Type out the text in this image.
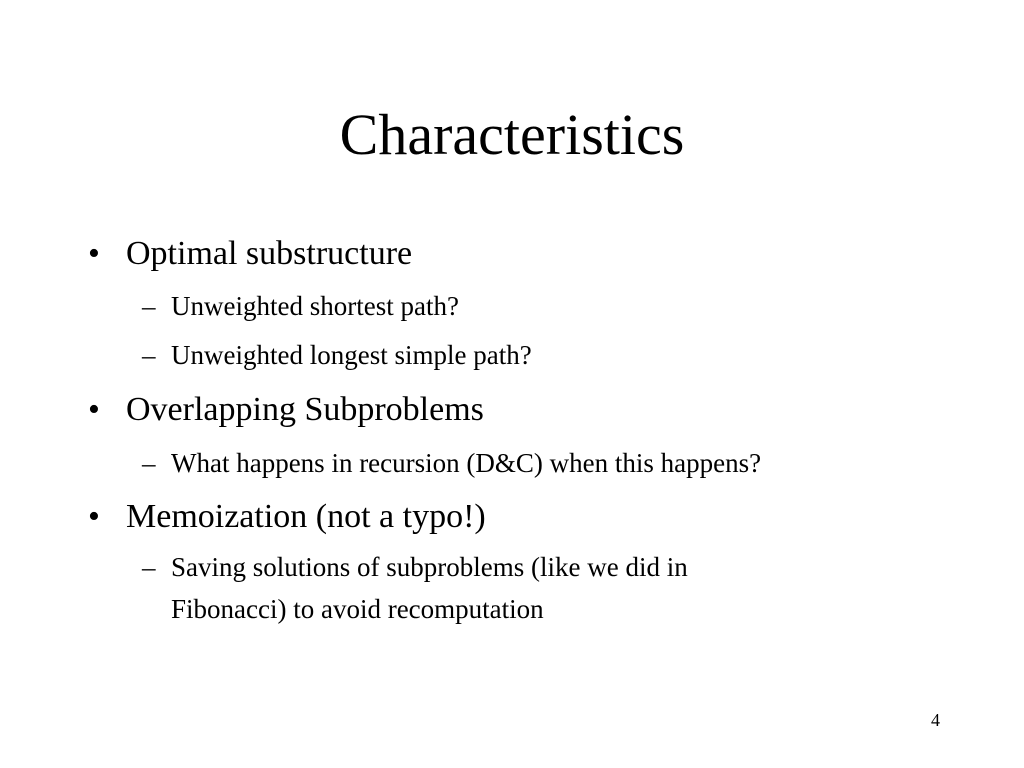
Characteristics
• Optimal substructure
– Unweighted shortest path?
– Unweighted longest simple path?
• Overlapping Subproblems
– What happens in recursion (D&C) when this happens?
• Memoization (not a typo!)
– Saving solutions of subproblems (like we did in
Fibonacci) to avoid recomputation
4
